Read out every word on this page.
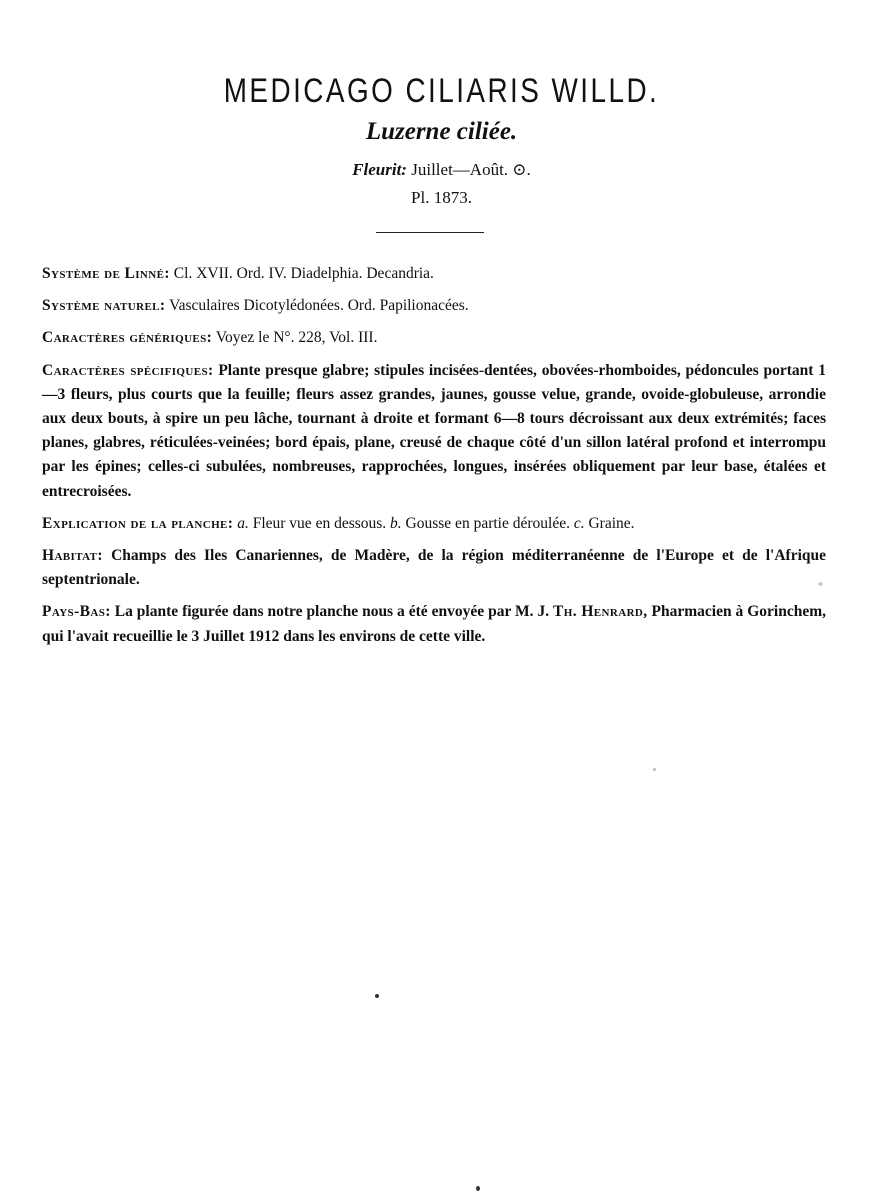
MEDICAGO CILIARIS WILLD.
Luzerne ciliée.
Fleurit: Juillet—Août. ⊙.
Pl. 1873.

Système de Linné: Cl. XVII. Ord. IV. Diadelphia. Decandria.

Système naturel: Vasculaires Dicotylédonées. Ord. Papilionacées.

Caractères génériques: Voyez le N°. 228, Vol. III.

Caractères spécifiques: Plante presque glabre; stipules incisées-dentées, obovées-rhomboides, pédoncules portant 1—3 fleurs, plus courts que la feuille; fleurs assez grandes, jaunes, gousse velue, grande, ovoide-globuleuse, arrondie aux deux bouts, à spire un peu lâche, tournant à droite et formant 6—8 tours décroissant aux deux extrémités; faces planes, glabres, réticulées-veinées; bord épais, plane, creusé de chaque côté d'un sillon latéral profond et interrompu par les épines; celles-ci subulées, nombreuses, rapprochées, longues, insérées obliquement par leur base, étalées et entrecroisées.

Explication de la planche: a. Fleur vue en dessous. b. Gousse en partie déroulée. c. Graine.

Habitat: Champs des Iles Canariennes, de Madère, de la région méditerranéenne de l'Europe et de l'Afrique septentrionale.

Pays-Bas: La plante figurée dans notre planche nous a été envoyée par M. J. Th. Henrard, Pharmacien à Gorinchem, qui l'avait recueillie le 3 Juillet 1912 dans les environs de cette ville.
